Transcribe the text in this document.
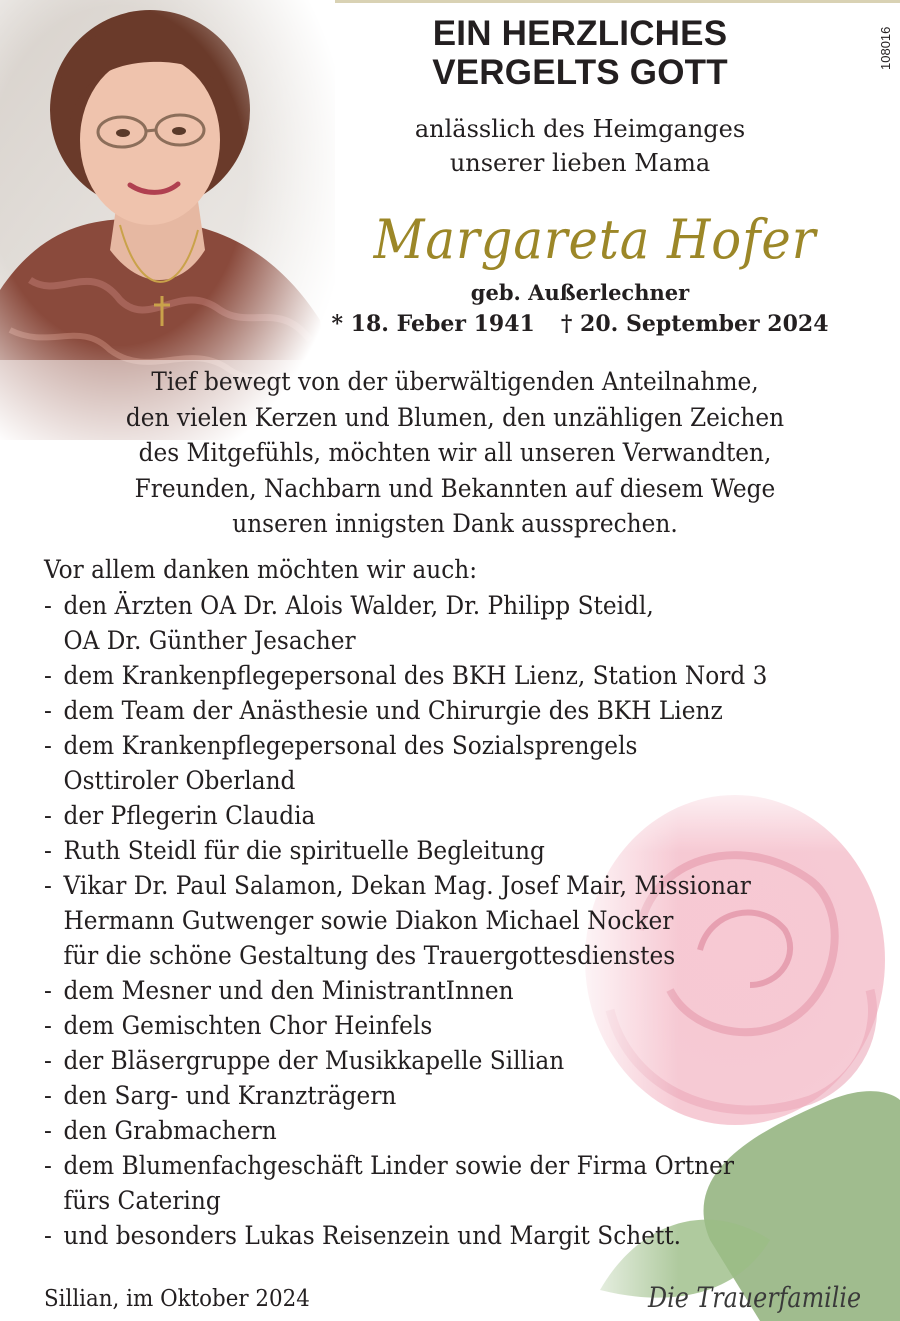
108016
EIN HERZLICHES
VERGELTS GOTT
anlässlich des Heimganges
unserer lieben Mama
Margareta Hofer
geb. Außerlechner
* 18. Feber 1941 † 20. September 2024
Tief bewegt von der überwältigenden Anteilnahme,
den vielen Kerzen und Blumen, den unzähligen Zeichen
des Mitgefühls, möchten wir all unseren Verwandten,
Freunden, Nachbarn und Bekannten auf diesem Wege
unseren innigsten Dank aussprechen.
Vor allem danken möchten wir auch:
- den Ärzten OA Dr. Alois Walder, Dr. Philipp Steidl,
OA Dr. Günther Jesacher
- dem Krankenpflegepersonal des BKH Lienz, Station Nord 3
- dem Team der Anästhesie und Chirurgie des BKH Lienz
- dem Krankenpflegepersonal des Sozialsprengels
Osttiroler Oberland
- der Pflegerin Claudia
- Ruth Steidl für die spirituelle Begleitung
- Vikar Dr. Paul Salamon, Dekan Mag. Josef Mair, Missionar
Hermann Gutwenger sowie Diakon Michael Nocker
für die schöne Gestaltung des Trauergottesdienstes
- dem Mesner und den MinistrantInnen
- dem Gemischten Chor Heinfels
- der Bläsergruppe der Musikkapelle Sillian
- den Sarg- und Kranzträgern
- den Grabmachern
- dem Blumenfachgeschäft Linder sowie der Firma Ortner
fürs Catering
- und besonders Lukas Reisenzein und Margit Schett.
Sillian, im Oktober 2024	Die Trauerfamilie
